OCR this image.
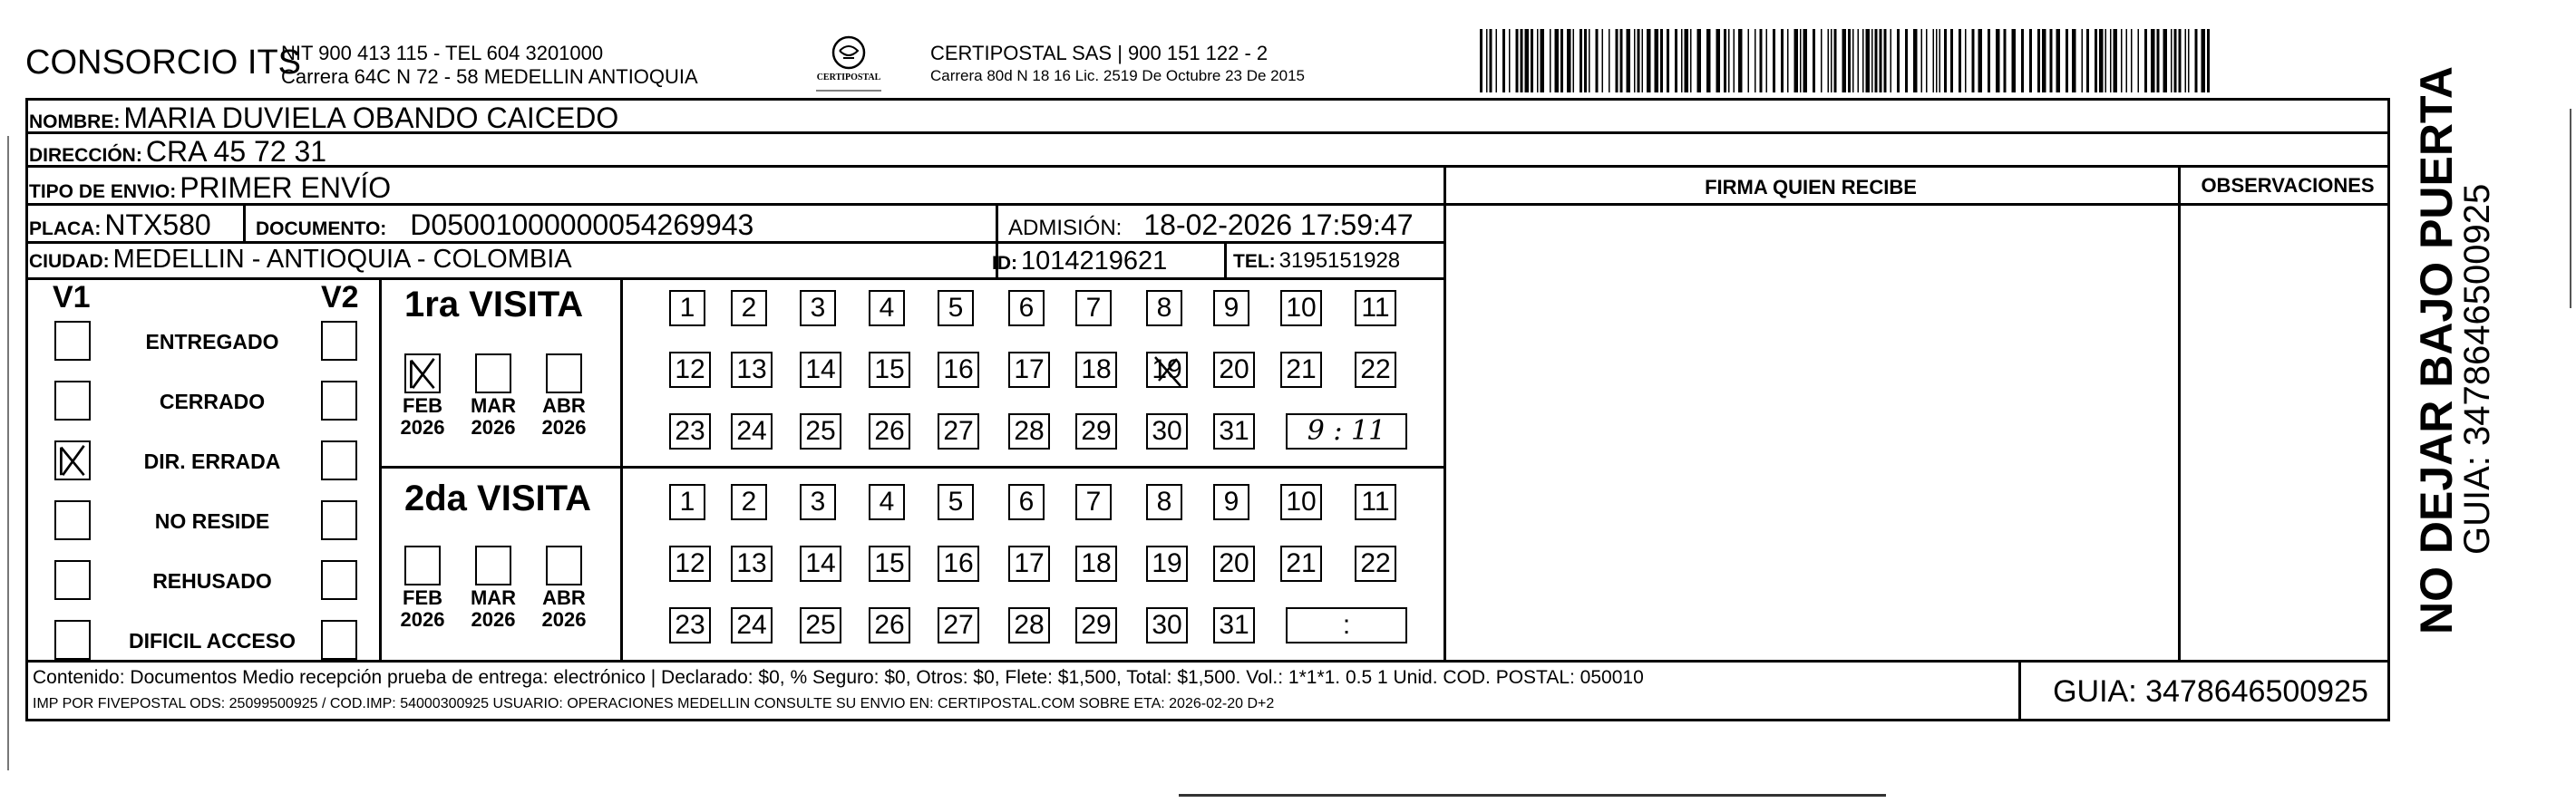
CONSORCIO ITS
NIT 900 413 115 - TEL 604 3201000
Carrera 64C N 72 - 58 MEDELLIN ANTIOQUIA	CERTIPOSTAL
CERTIPOSTAL SAS | 900 151 122 - 2
Carrera 80d N 18 16 Lic. 2519 De Octubre 23 De 2015
NOMBRE: MARIA DUVIELA OBANDO CAICEDO
DIRECCIÓN: CRA 45 72 31
TIPO DE ENVIO: PRIMER ENVÍO	FIRMA QUIEN RECIBE	OBSERVACIONES
PLACA: NTX580 DOCUMENTO: D05001000000054269943	ADMISIÓN: 18-02-2026 17:59:47
CIUDAD: MEDELLIN - ANTIOQUIA - COLOMBIA	ID: 1014219621	TEL: 3195151928
V1	V2
ENTREGADO
CERRADO
DIR. ERRADA
NO RESIDE
REHUSADO
DIFICIL ACCESO
1ra VISITA
FEB
2026
MAR
2026
ABR
2026
1	2	3	4	5	6	7	8	9	10 11
12 13 14 15 16 17 18 19 20 21 22
23 24 25 26 27 28 29 30 31	9 : 11
2da VISITA
FEB
2026
MAR
2026
ABR
2026
1	2	3	4	5	6	7	8	9	10 11
12 13 14 15 16 17 18 19 20 21 22
23 24 25 26 27 28 29 30 31	:
Contenido: Documentos Medio recepción prueba de entrega: electrónico | Declarado: $0, % Seguro: $0, Otros: $0, Flete: $1,500, Total: $1,500. Vol.: 1*1*1. 0.5 1 Unid. COD. POSTAL: 050010
IMP POR FIVEPOSTAL ODS: 25099500925 / COD.IMP: 54000300925 USUARIO: OPERACIONES MEDELLIN CONSULTE SU ENVIO EN: CERTIPOSTAL.COM SOBRE ETA: 2026-02-20 D+2	GUIA: 3478646500925
NO DEJAR BAJO PUERTA
GUIA: 3478646500925
